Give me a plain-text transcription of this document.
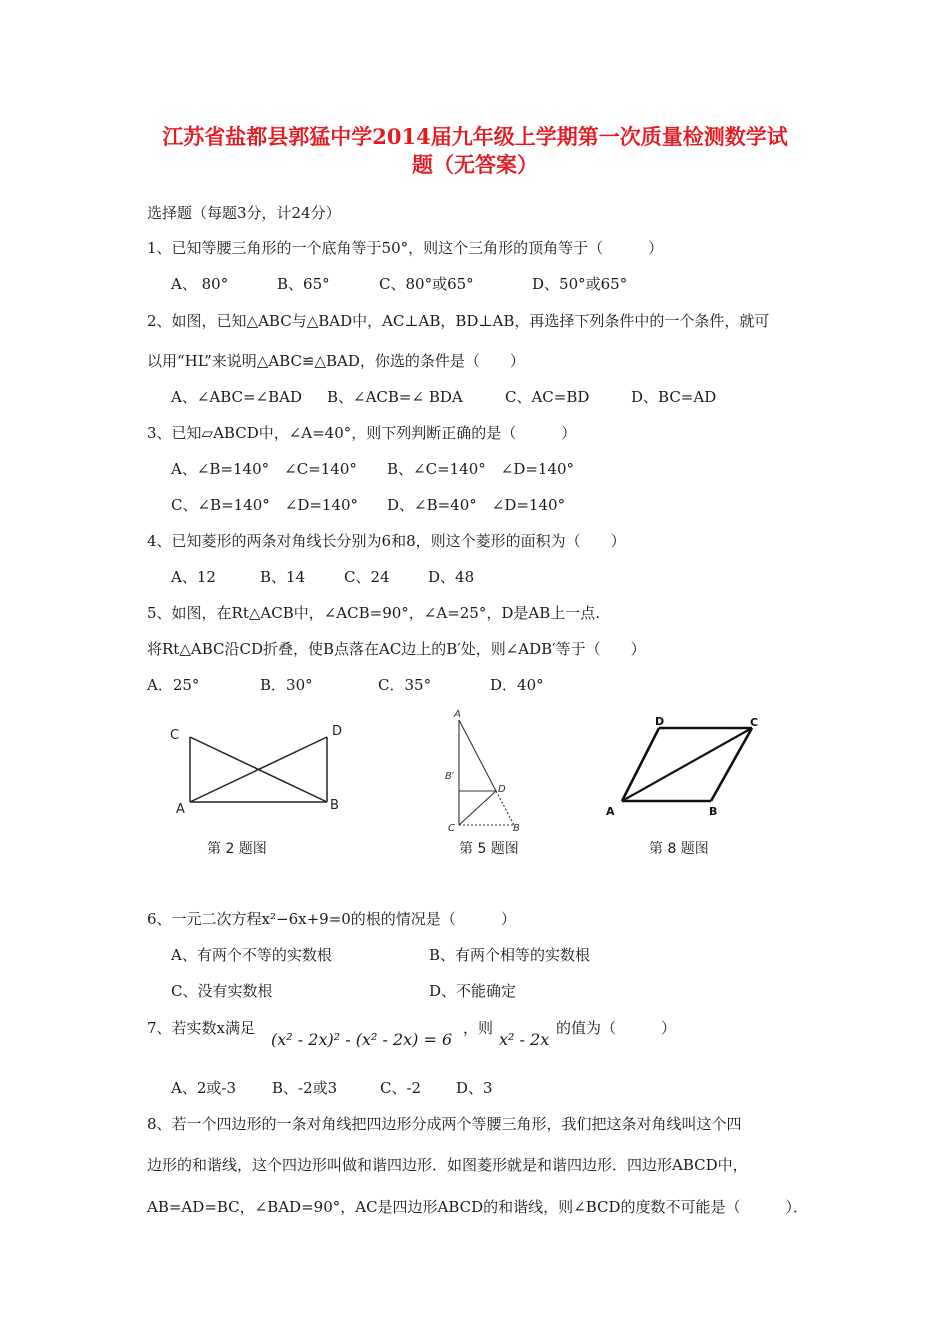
江苏省盐都县郭猛中学2014届九年级上学期第一次质量检测数学试
题（无答案）
选择题（每题3分，计24分）
1、已知等腰三角形的一个底角等于50°，则这个三角形的顶角等于（　　　）
A、 80°	B、65°	C、80°或65°	D、50°或65°
2、如图，已知△ABC与△BAD中，AC⊥AB，BD⊥AB，再选择下列条件中的一个条件，就可
以用“HL”来说明△ABC≌△BAD，你选的条件是（　　）
A、∠ABC=∠BAD B、∠ACB=∠ BDA	C、AC=BD	D、BC=AD
3、已知▱ABCD中，∠A=40°，则下列判断正确的是（　　　）
A、∠B=140°　∠C=140° B、∠C=140°　∠D=140°
C、∠B=140°　∠D=140° D、∠B=40°　∠D=140°
4、已知菱形的两条对角线长分别为6和8，则这个菱形的面积为（　　）
A、12	B、14	C、24	D、48
5、如图，在Rt△ACB中，∠ACB=90°，∠A=25°，D是AB上一点.
将Rt△ABC沿CD折叠，使B点落在AC边上的B′处，则∠ADB′等于（　　）
A．25°	B．30°	C．35°	D．40°
C	D
A	B
第 2 题图
A
B′
D
C	B
第 5 题图
D	C
A	B
第 8 题图
6、一元二次方程x²−6x+9=0的根的情况是（　　　）
A、有两个不等的实数根	B、有两个相等的实数根
C、没有实数根	D、不能确定
7、若实数x满足
(x² - 2x)² - (x² - 2x) = 6
，则
x² - 2x
的值为（　　　）
A、2或-3 B、-2或3	C、-2 D、3
8、若一个四边形的一条对角线把四边形分成两个等腰三角形，我们把这条对角线叫这个四
边形的和谐线，这个四边形叫做和谐四边形．如图菱形就是和谐四边形．四边形ABCD中，
AB=AD=BC，∠BAD=90°，AC是四边形ABCD的和谐线，则∠BCD的度数不可能是（　　　）．
